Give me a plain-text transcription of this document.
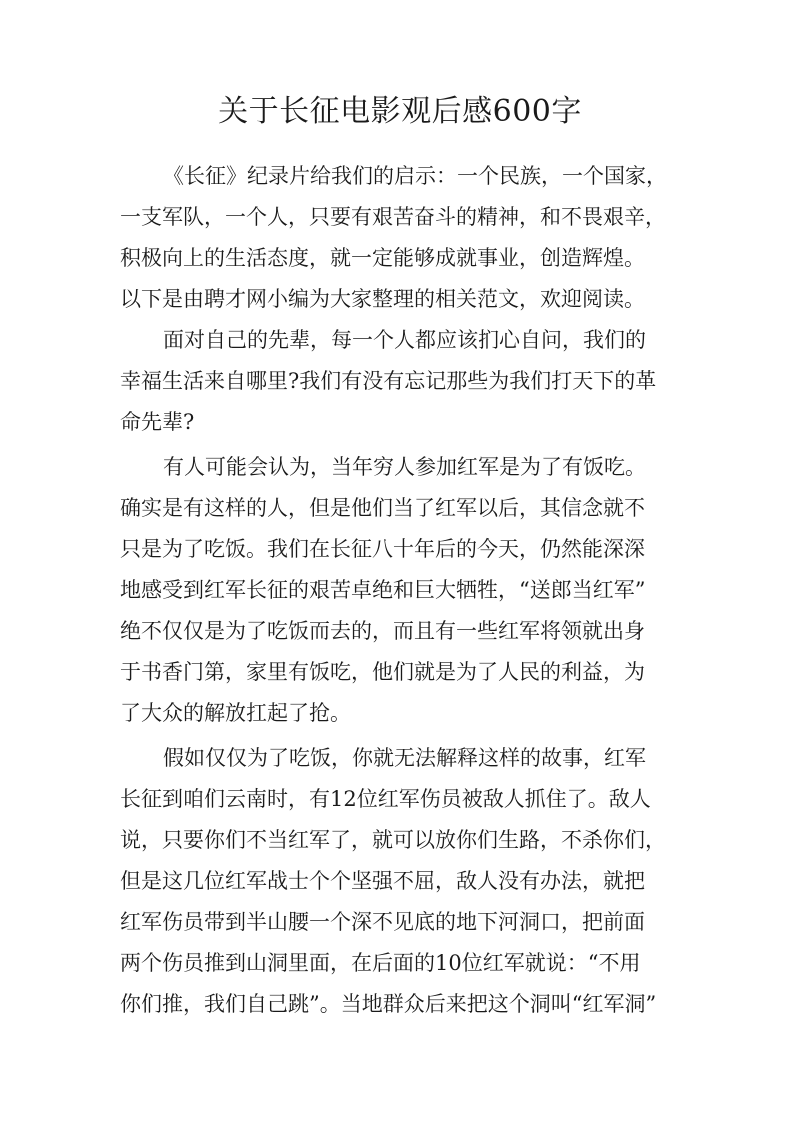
关于长征电影观后感600字

《长征》纪录片给我们的启示：一个民族，一个国家，

一支军队，一个人，只要有艰苦奋斗的精神，和不畏艰辛，

积极向上的生活态度，就一定能够成就事业，创造辉煌。

以下是由聘才网小编为大家整理的相关范文，欢迎阅读。

面对自己的先辈，每一个人都应该扪心自问，我们的

幸福生活来自哪里?我们有没有忘记那些为我们打天下的革

命先辈?

有人可能会认为，当年穷人参加红军是为了有饭吃。

确实是有这样的人，但是他们当了红军以后，其信念就不

只是为了吃饭。我们在长征八十年后的今天，仍然能深深

地感受到红军长征的艰苦卓绝和巨大牺牲，“送郎当红军”

绝不仅仅是为了吃饭而去的，而且有一些红军将领就出身

于书香门第，家里有饭吃，他们就是为了人民的利益，为

了大众的解放扛起了抢。

假如仅仅为了吃饭，你就无法解释这样的故事，红军

长征到咱们云南时，有12位红军伤员被敌人抓住了。敌人

说，只要你们不当红军了，就可以放你们生路，不杀你们，

但是这几位红军战士个个坚强不屈，敌人没有办法，就把

红军伤员带到半山腰一个深不见底的地下河洞口，把前面

两个伤员推到山洞里面，在后面的10位红军就说：“不用

你们推，我们自己跳”。当地群众后来把这个洞叫“红军洞”
